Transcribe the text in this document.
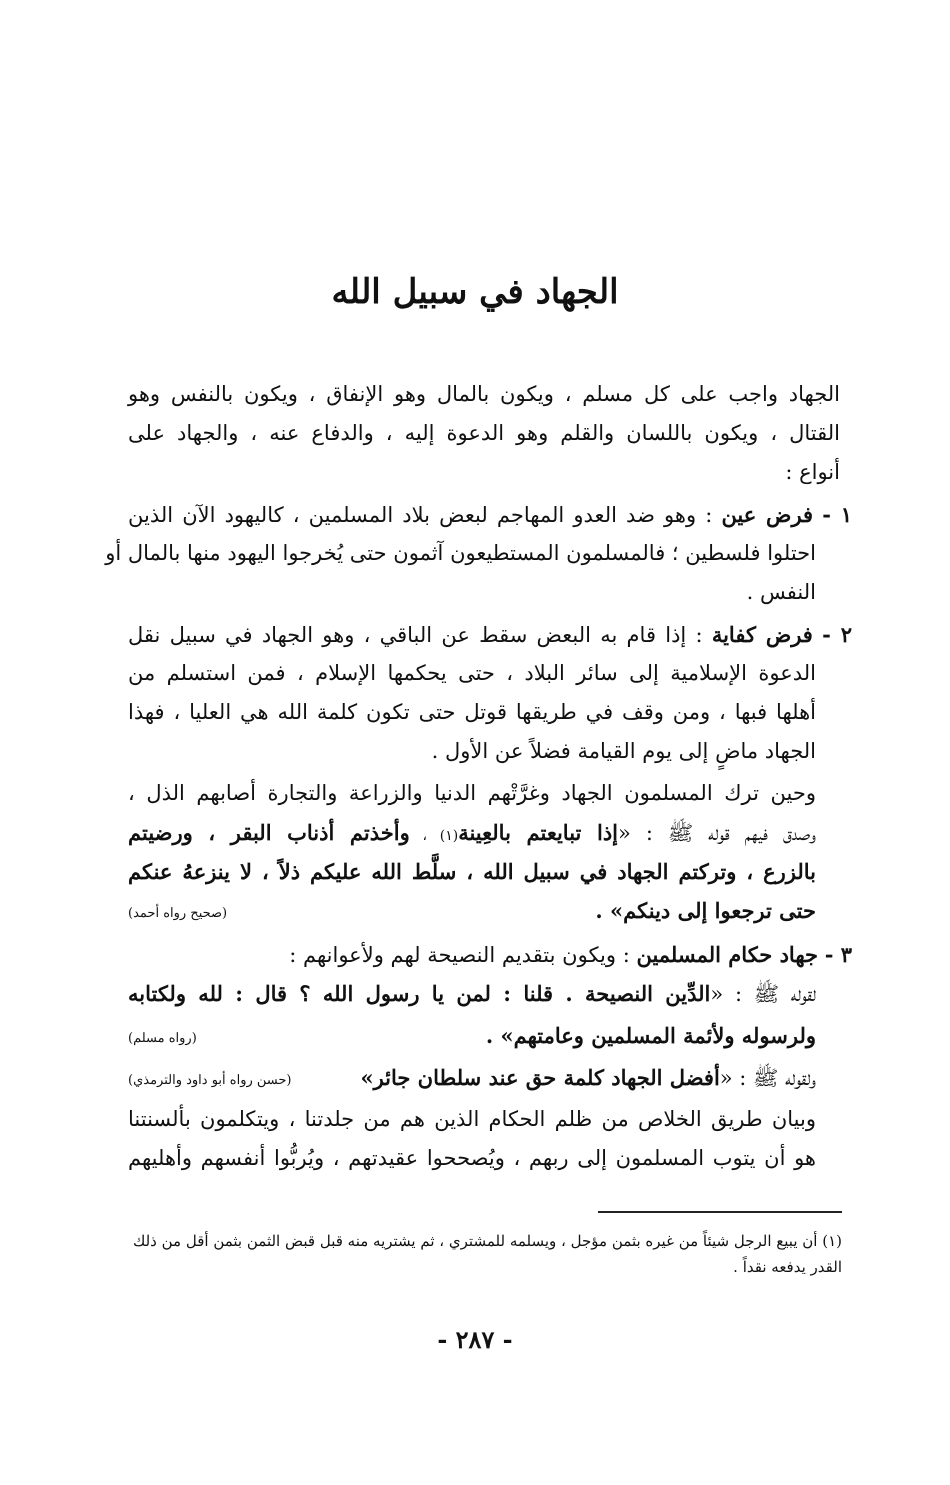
الجهاد في سبيل الله
الجهاد واجب على كل مسلم ، ويكون بالمال وهو الإنفاق ، ويكون بالنفس وهو
القتال ، ويكون باللسان والقلم وهو الدعوة إليه ، والدفاع عنه ، والجهاد على
أنواع :
١ - فرض عين : وهو ضد العدو المهاجم لبعض بلاد المسلمين ، كاليهود الآن الذين
احتلوا فلسطين ؛ فالمسلمون المستطيعون آثمون حتى يُخرجوا اليهود منها بالمال أو
النفس .
٢ - فرض كفاية : إذا قام به البعض سقط عن الباقي ، وهو الجهاد في سبيل نقل
الدعوة الإسلامية إلى سائر البلاد ، حتى يحكمها الإسلام ، فمن استسلم من
أهلها فبها ، ومن وقف في طريقها قوتل حتى تكون كلمة الله هي العليا ، فهذا
الجهاد ماضٍ إلى يوم القيامة فضلاً عن الأول .
وحين ترك المسلمون الجهاد وغرَّتْهم الدنيا والزراعة والتجارة أصابهم الذل ،
وصدق فيهم قوله ﷺ : «إذا تبايعتم بالعِينة(١) ، وأخذتم أذناب البقر ، ورضيتم
بالزرع ، وتركتم الجهاد في سبيل الله ، سلَّط الله عليكم ذلاً ، لا ينزعهُ عنكم
حتى ترجعوا إلى دينكم» .
(صحيح رواه أحمد)
٣ - جهاد حكام المسلمين : ويكون بتقديم النصيحة لهم ولأعوانهم :
لقوله ﷺ : «الدِّين النصيحة . قلنا : لمن يا رسول الله ؟ قال : لله ولكتابه
ولرسوله ولأئمة المسلمين وعامتهم» .
(رواه مسلم)
ولقوله ﷺ : «أفضل الجهاد كلمة حق عند سلطان جائر»
(حسن رواه أبو داود والترمذي)
وبيان طريق الخلاص من ظلم الحكام الذين هم من جلدتنا ، ويتكلمون بألسنتنا
هو أن يتوب المسلمون إلى ربهم ، ويُصححوا عقيدتهم ، ويُربُّوا أنفسهم وأهليهم
(١) أن يبيع الرجل شيئاً من غيره بثمن مؤجل ، ويسلمه للمشتري ، ثم يشتريه منه قبل قبض الثمن بثمن أقل من ذلك
القدر يدفعه نقداً .
- ٢٨٧ -
